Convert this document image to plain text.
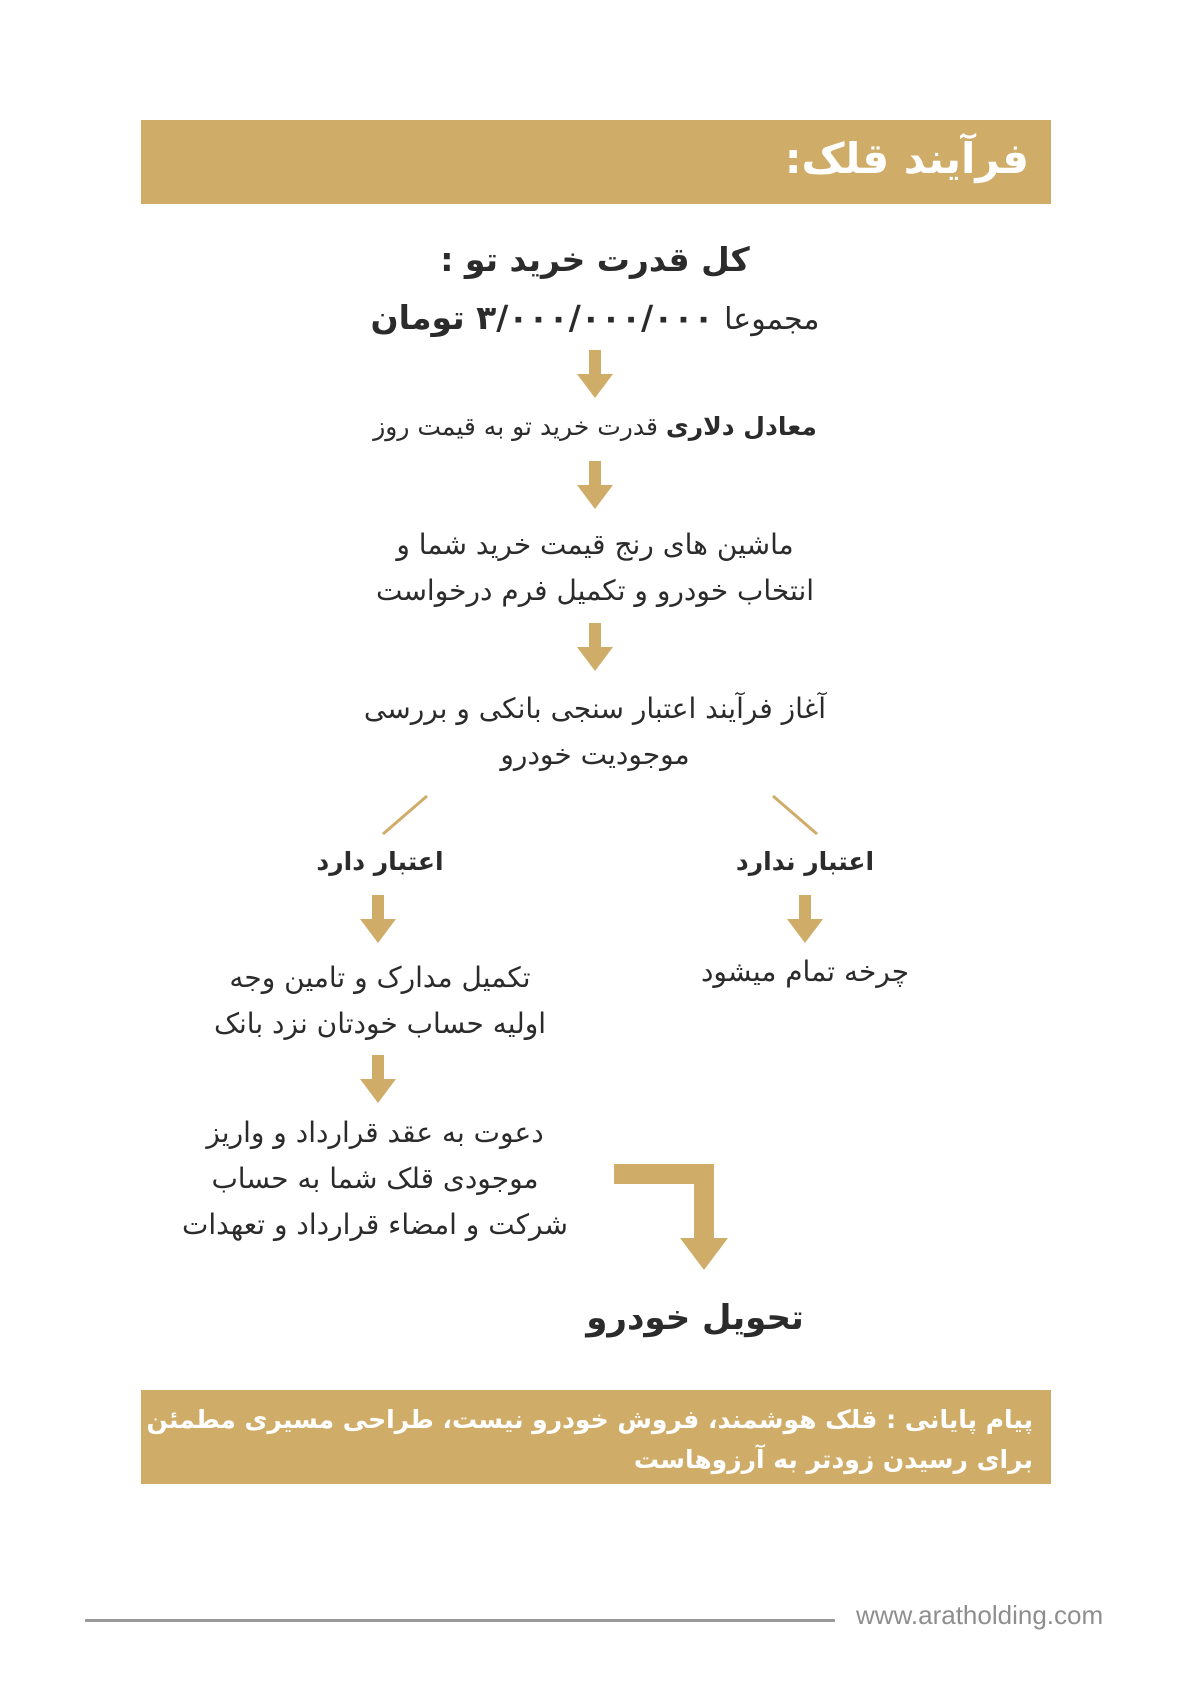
فرآیند قلک:
کل قدرت خرید تو :
مجموعا ۳/۰۰۰/۰۰۰/۰۰۰ تومان
معادل دلاری قدرت خرید تو به قیمت روز
ماشین های رنج قیمت خرید شما و
انتخاب خودرو و تکمیل فرم درخواست
آغاز فرآیند اعتبار سنجی بانکی و بررسی
موجودیت خودرو
اعتبار دارد	اعتبار ندارد
چرخه تمام میشود
تکمیل مدارک و تامین وجه
اولیه حساب خودتان نزد بانک
دعوت به عقد قرارداد و واریز
موجودی قلک شما به حساب
شرکت و امضاء قرارداد و تعهدات
تحویل خودرو
پیام پایانی : قلک هوشمند، فروش خودرو نیست، طراحی مسیری مطمئن
برای رسیدن زودتر به آرزوهاست
www.aratholding.com
